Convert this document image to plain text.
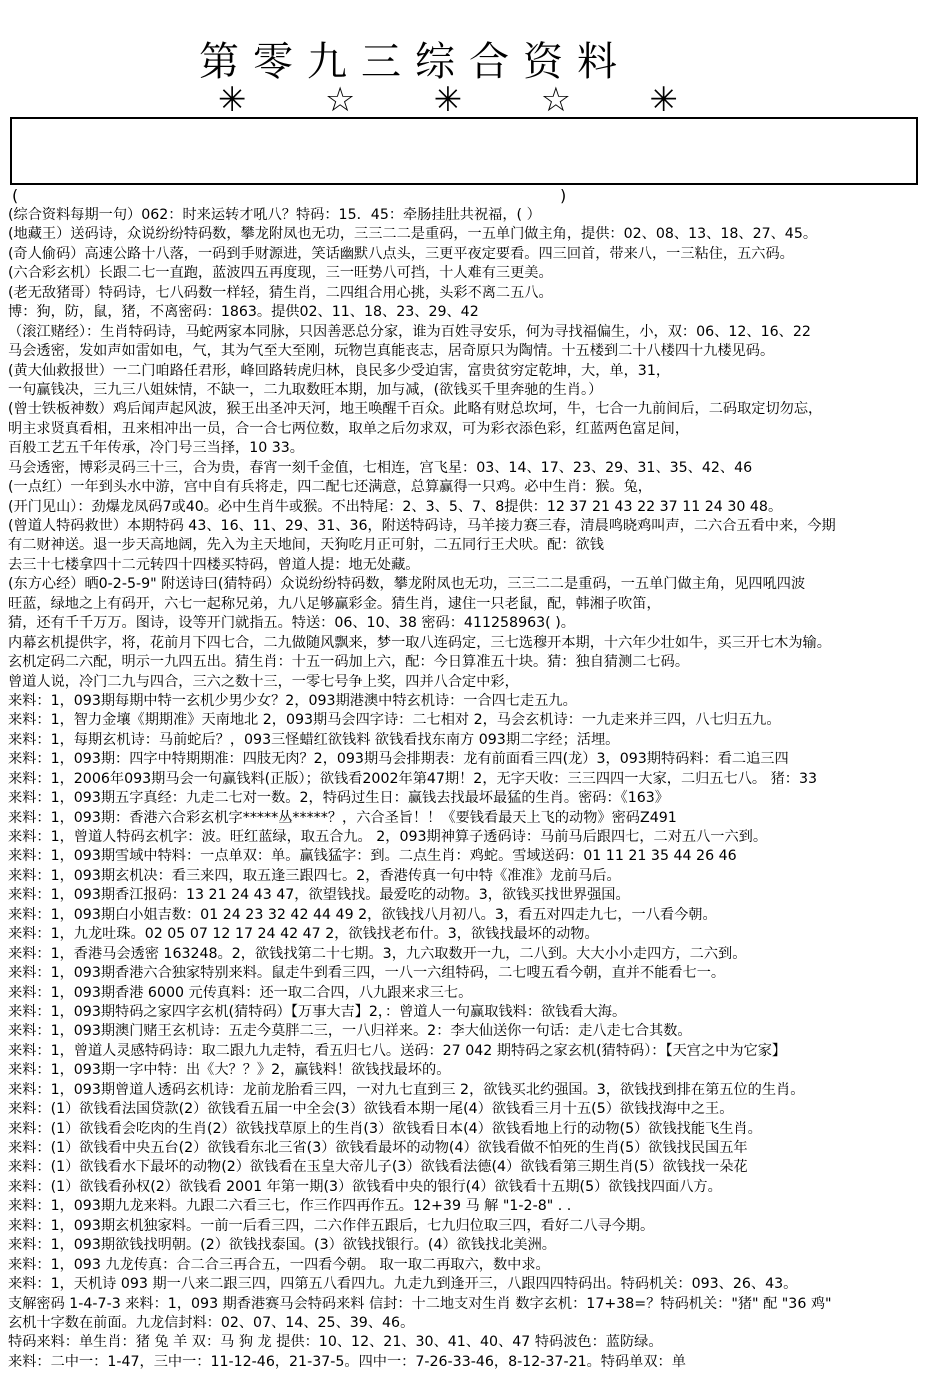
第零九三综合资料
✳ ☆ ✳ ☆ ✳
(	)
(综合资料每期一句）062：时来运转才吼八？特码：15．45：牵肠挂肚共祝福，( ）
(地藏王）送码诗，众说纷纷特码数，攀龙附凤也无功，三三二二是重码，一五单门做主角，提供：02、08、13、18、27、45。
(奇人偷码）高速公路十八落，一码到手财源进，笑话幽默八点头，三更平夜定要看。四三回首，带来八，一三粘住，五六码。
(六合彩玄机）长跟二七一直跑，蓝波四五再度现，三一旺势八可挡，十人难有三更美。
(老无敌猪哥）特码诗，七八码数一样轻，猜生肖，二四组合用心挑，头彩不离二五八。
博：狗，防，鼠，猪，不离密码：1863。提供02、11、18、23、29、42
（滚江赌经）：生肖特码诗，马蛇两家本同脉，只因善恶总分家，谁为百姓寻安乐，何为寻找福偏生，小，双：06、12、16、22
马会透密，发如声如雷如电，气，其为气至大至刚，玩物岂真能丧志，居奇原只为陶情。十五楼到二十八楼四十九楼见码。
(黄大仙救报世）一二门咱路任君形，峰回路转虎归林，良民多少受迫害，富贵贫穷定乾坤，大，单，31，
一句赢钱决，三九三八姐妹情，不缺一，二九取数旺本期，加与减，(欲钱买千里奔驰的生肖。）
(曾士铁板神数）鸡后闻声起风波，猴王出圣冲天河，地王唤醒千百众。此略有财总坎坷，牛，七合一九前间后，二码取定切勿忘，
明主求贤真看相，丑来相冲出一员，合一合七两位数，取单之后勿求双，可为彩衣添色彩，红蓝两色富足间，
百般工艺五千年传承，冷门号三当择，10 33。
马会透密，博彩灵码三十三，合为贵，春宵一刻千金值，七相连，宫飞星：03、14、17、23、29、31、35、42、46
(一点红）一年到头水中游，宫中自有兵将走，四二配七还满意，总算赢得一只鸡。必中生肖：猴。兔，
(开门见山）：劲爆龙凤码7或40。必中生肖牛或猴。不出特尾：2、3、5、7、8提供：12 37 21 43 22 37 11 24 30 48。
(曾道人特码救世）本期特码 43、16、11、29、31、36，附送特码诗，马羊接力赛三春，清晨鸣晓鸡叫声，二六合五看中来，今期
有二财神送。退一步天高地阔，先入为主天地间，天狗吃月正可射，二五同行王犬吠。配：欲钱
去三十七楼拿四十二元转四十四楼买特码，曾道人提：地无处藏。
(东方心经）晒0-2-5-9" 附送诗曰(猜特码）众说纷纷特码数，攀龙附凤也无功，三三二二是重码，一五单门做主角，见四吼四波
旺蓝，绿地之上有码开，六七一起称兄弟，九八足够赢彩金。猜生肖，逮住一只老鼠，配，韩湘子吹笛，
猜，还有千千万万。图诗，设等开门就指五。特送：06、10、38 密码：411258963( )。
内幕玄机提供字，将，花前月下四七合，二九做随风飘来，梦一取八连码定，三七选穆开本期，十六年少壮如牛，买三开七木为输。
玄机定码二六配，明示一九四五出。猜生肖：十五一码加上六，配：今日算准五十块。猜：独自猜测二七码。
曾道人说，冷门二九与四合，三六之数十三，一零七号争上奖，四并八合定中彩，
来料：1，093期每期中特一玄机少男少女？2，093期港澳中特玄机诗：一合四七走五九。
来料：1，智力金壤《期期准》天南地北 2，093期马会四字诗：二七相对 2，马会玄机诗：一九走来并三四，八七归五九。
来料：1，每期玄机诗：马前蛇后？，093三怪蜡红欲钱料 欲钱看找东南方 093期二字经；活埋。
来料：1，093期：四字中特期期准：四肢无肉？2，093期马会排期表：龙有前面看三四(龙）3，093期特码料：看二追三四
来料：1，2006年093期马会一句赢钱料(正版）；欲钱看2002年第47期！2，无字天收：三三四四一大家，二归五七八。 猪：33
来料：1，093期五字真经：九走二七对一数。2，特码过生日：赢钱去找最坏最猛的生肖。密码：《163》
来料：1，093期：香港六合彩玄机字*****丛*****？，六合圣旨！！《要钱看最天上飞的动物》密码Z491
来料：1，曾道人特码玄机字：波。旺红蓝绿，取五合九。 2，093期神算子透码诗：马前马后跟四七，二对五八一六到。
来料：1，093期雪域中特料：一点单双：单。赢钱猛字：到。二点生肖：鸡蛇。雪域送码：01 11 21 35 44 26 46
来料：1，093期玄机决：看三来四，取五逢三跟四七。2，香港传真一句中特《准准》龙前马后。
来料：1，093期香江报码：13 21 24 43 47，欲望钱找。最爱吃的动物。3，欲钱买找世界强国。
来料：1，093期白小姐吉数：01 24 23 32 42 44 49 2，欲钱找八月初八。3，看五对四走九七，一八看今朝。
来料：1，九龙吐珠。02 05 07 12 17 24 42 47 2，欲钱找老布什。3，欲钱找最坏的动物。
来料：1，香港马会透密 163248。2，欲钱找第二十七期。3，九六取数开一九，二八到。大大小小走四方，二六到。
来料：1，093期香港六合独家特别来料。鼠走牛到看三四，一八一六组特码，二七嗖五看今朝，直并不能看七一。
来料：1，093期香港 6000 元传真料：还一取二合四，八九跟来求三七。
来料：1，093期特码之家四字玄机(猜特码）【万事大吉】2，：曾道人一句赢取钱料：欲钱看大海。
来料：1，093期澳门赌王玄机诗：五走今莫胖二三，一八归祥来。2：李大仙送你一句话：走八走七合其数。
来料：1，曾道人灵感特码诗：取二跟九九走特，看五归七八。送码：27 042 期特码之家玄机(猜特码）：【天宫之中为它家】
来料：1，093期一字中特：出《大？？》2，赢钱料！欲钱找最坏的。
来料：1，093期曾道人透码玄机诗：龙前龙胎看三四，一对九七直到三 2，欲钱买北约强国。3，欲钱找到排在第五位的生肖。
来料：(1）欲钱看法国贷款(2）欲钱看五届一中全会(3）欲钱看本期一尾(4）欲钱看三月十五(5）欲钱找海中之王。
来料：(1）欲钱看会吃肉的生肖(2）欲钱找草原上的生肖(3）欲钱看日本(4）欲钱看地上行的动物(5）欲钱找能飞生肖。
来料：(1）欲钱看中央五台(2）欲钱看东北三省(3）欲钱看最坏的动物(4）欲钱看做不怕死的生肖(5）欲钱找民国五年
来料：(1）欲钱看水下最坏的动物(2）欲钱看在玉皇大帝儿子(3）欲钱看法德(4）欲钱看第三期生肖(5）欲钱找一朵花
来料：(1）欲钱看孙权(2）欲钱看 2001 年第一期(3）欲钱看中央的银行(4）欲钱看十五期(5）欲钱找四面八方。
来料：1，093期九龙来料。九跟二六看三七，作三作四再作五。12+39 马 解 "1-2-8" . .
来料：1，093期玄机独家料。一前一后看三四，二六作伴五跟后，七九归位取三四，看好二八寻今期。
来料：1，093期欲钱找明朝。(2）欲钱找泰国。(3）欲钱找银行。(4）欲钱找北美洲。
来料：1，093 九龙传真：合二合三再合五，一四看今朝。 取一取二再取六，数中求。
来料：1，天机诗 093 期一八来二跟三四，四第五八看四九。九走九到逢开三，八跟四四特码出。特码机关：093、26、43。
支解密码 1-4-7-3 来料：1，093 期香港赛马会特码来料 信封：十二地支对生肖 数字玄机：17+38=？特码机关："猪" 配 "36 鸡"
玄机十字数在前面。九龙信封料：02、07、14、25、39、46。
特码来料：单生肖：猪 兔 羊 双：马 狗 龙 提供：10、12、21、30、41、40、47 特码波色：蓝防绿。
来料：二中一：1-47，三中一：11-12-46，21-37-5。四中一：7-26-33-46，8-12-37-21。特码单双：单
